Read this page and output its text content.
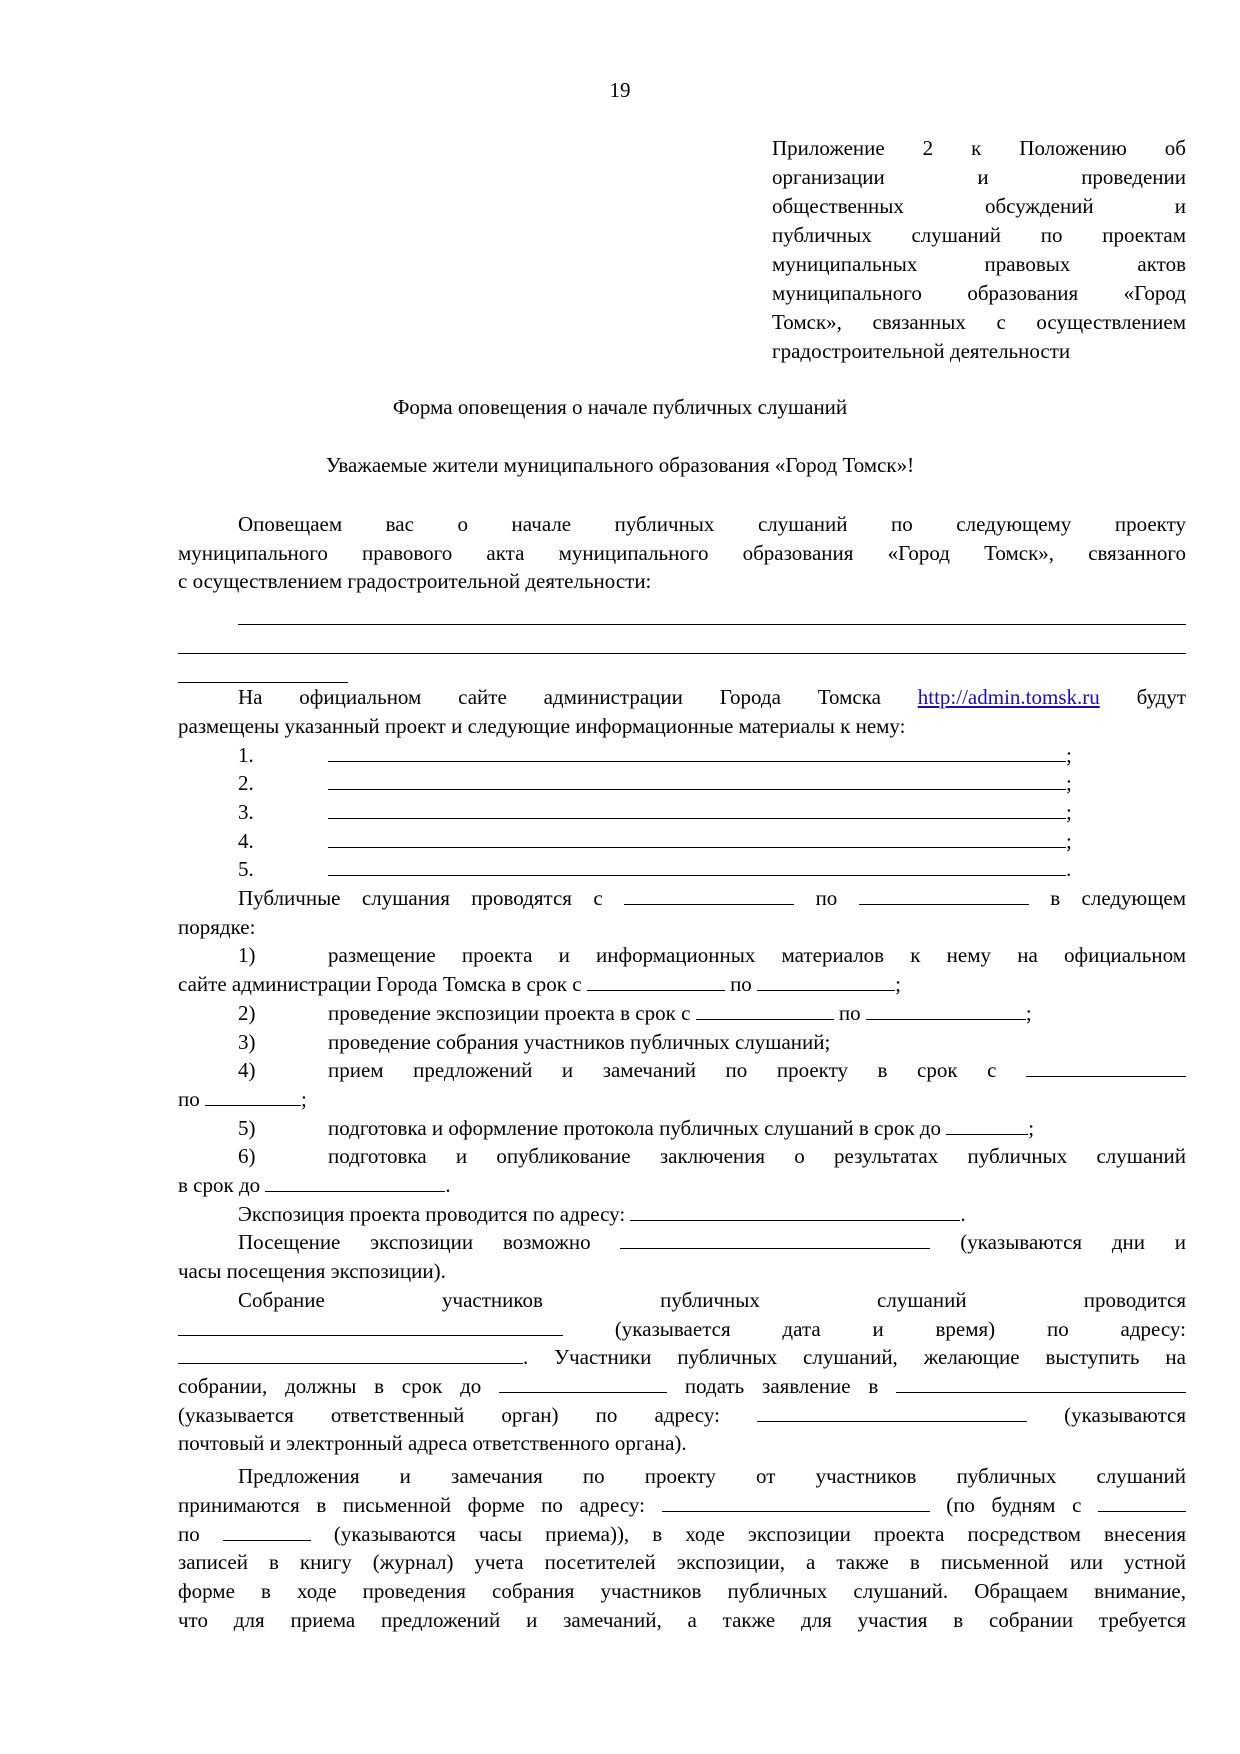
19
Приложение 2 к Положению об
организации и проведении
общественных обсуждений и
публичных слушаний по проектам
муниципальных правовых актов
муниципального образования «Город
Томск», связанных с осуществлением
градостроительной деятельности
Форма оповещения о начале публичных слушаний
Уважаемые жители муниципального образования «Город Томск»!
Оповещаем вас о начале публичных слушаний по следующему проекту
муниципального правового акта муниципального образования «Город Томск», связанного
с осуществлением градостроительной деятельности:
На официальном сайте администрации Города Томска http://admin.tomsk.ru будут
размещены указанный проект и следующие информационные материалы к нему:
1.	;
2.	;
3.	;
4.	;
5.	.
Публичные слушания проводятся с	по	в следующем
порядке:
1)	размещение проекта и информационных материалов к нему на официальном
сайте администрации Города Томска в срок с	по	;
2)	проведение экспозиции проекта в срок с	по	;
3)	проведение собрания участников публичных слушаний;
4)	прием предложений и замечаний по проекту в срок с
по	;
5)	подготовка и оформление протокола публичных слушаний в срок до	;
6)	подготовка и опубликование заключения о результатах публичных слушаний
в срок до	.
Экспозиция проекта проводится по адресу:	.
Посещение экспозиции возможно	(указываются дни и
часы посещения экспозиции).
Собрание участников публичных слушаний проводится
(указывается дата и время) по адресу:
. Участники публичных слушаний, желающие выступить на
собрании, должны в срок до	подать заявление в
(указывается ответственный орган) по адресу:	(указываются
почтовый и электронный адреса ответственного органа).
Предложения и замечания по проекту от участников публичных слушаний
принимаются в письменной форме по адресу:	(по будням с
по	(указываются часы приема)), в ходе экспозиции проекта посредством внесения
записей в книгу (журнал) учета посетителей экспозиции, а также в письменной или устной
форме в ходе проведения собрания участников публичных слушаний. Обращаем внимание,
что для приема предложений и замечаний, а также для участия в собрании требуется
